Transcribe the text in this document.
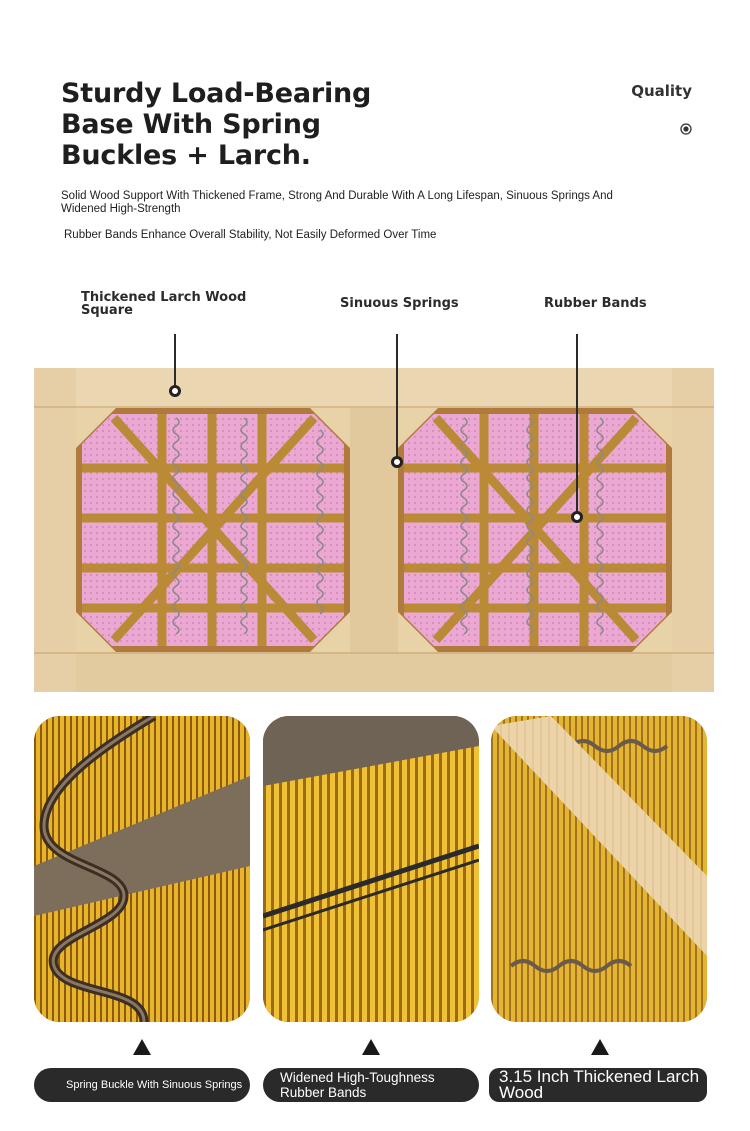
Sturdy Load-Bearing Base With Spring Buckles + Larch.
Quality
Solid Wood Support With Thickened Frame, Strong And Durable With A Long Lifespan, Sinuous Springs And Widened High-Strength
Rubber Bands Enhance Overall Stability, Not Easily Deformed Over Time
Thickened Larch Wood Square	Sinuous Springs	Rubber Bands
Spring Buckle With Sinuous Springs	Widened High-Toughness Rubber Bands
3.15 Inch Thickened Larch Wood
